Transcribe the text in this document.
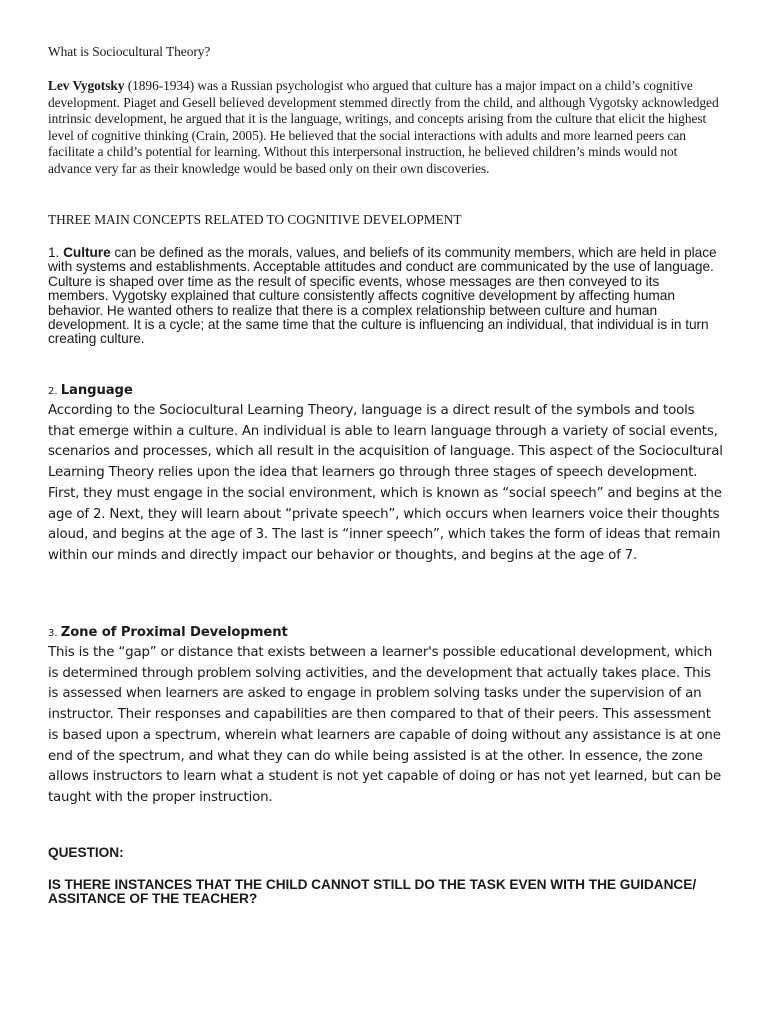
What is Sociocultural Theory?

Lev Vygotsky (1896-1934) was a Russian psychologist who argued that culture has a major impact on a child’s cognitive development. Piaget and Gesell believed development stemmed directly from the child, and although Vygotsky acknowledged intrinsic development, he argued that it is the language, writings, and concepts arising from the culture that elicit the highest level of cognitive thinking (Crain, 2005). He believed that the social interactions with adults and more learned peers can facilitate a child’s potential for learning. Without this interpersonal instruction, he believed children’s minds would not advance very far as their knowledge would be based only on their own discoveries.

THREE MAIN CONCEPTS RELATED TO COGNITIVE DEVELOPMENT

1. Culture can be defined as the morals, values, and beliefs of its community members, which are held in place with systems and establishments. Acceptable attitudes and conduct are communicated by the use of language. Culture is shaped over time as the result of specific events, whose messages are then conveyed to its members. Vygotsky explained that culture consistently affects cognitive development by affecting human behavior. He wanted others to realize that there is a complex relationship between culture and human development. It is a cycle; at the same time that the culture is influencing an individual, that individual is in turn creating culture.

2. Language

According to the Sociocultural Learning Theory, language is a direct result of the symbols and tools that emerge within a culture. An individual is able to learn language through a variety of social events, scenarios and processes, which all result in the acquisition of language. This aspect of the Sociocultural Learning Theory relies upon the idea that learners go through three stages of speech development. First, they must engage in the social environment, which is known as “social speech” and begins at the age of 2. Next, they will learn about “private speech”, which occurs when learners voice their thoughts aloud, and begins at the age of 3. The last is “inner speech”, which takes the form of ideas that remain within our minds and directly impact our behavior or thoughts, and begins at the age of 7.

3. Zone of Proximal Development

This is the “gap” or distance that exists between a learner's possible educational development, which is determined through problem solving activities, and the development that actually takes place. This is assessed when learners are asked to engage in problem solving tasks under the supervision of an instructor. Their responses and capabilities are then compared to that of their peers. This assessment is based upon a spectrum, wherein what learners are capable of doing without any assistance is at one end of the spectrum, and what they can do while being assisted is at the other. In essence, the zone allows instructors to learn what a student is not yet capable of doing or has not yet learned, but can be taught with the proper instruction.

QUESTION:

IS THERE INSTANCES THAT THE CHILD CANNOT STILL DO THE TASK EVEN WITH THE GUIDANCE/ ASSITANCE OF THE TEACHER?
